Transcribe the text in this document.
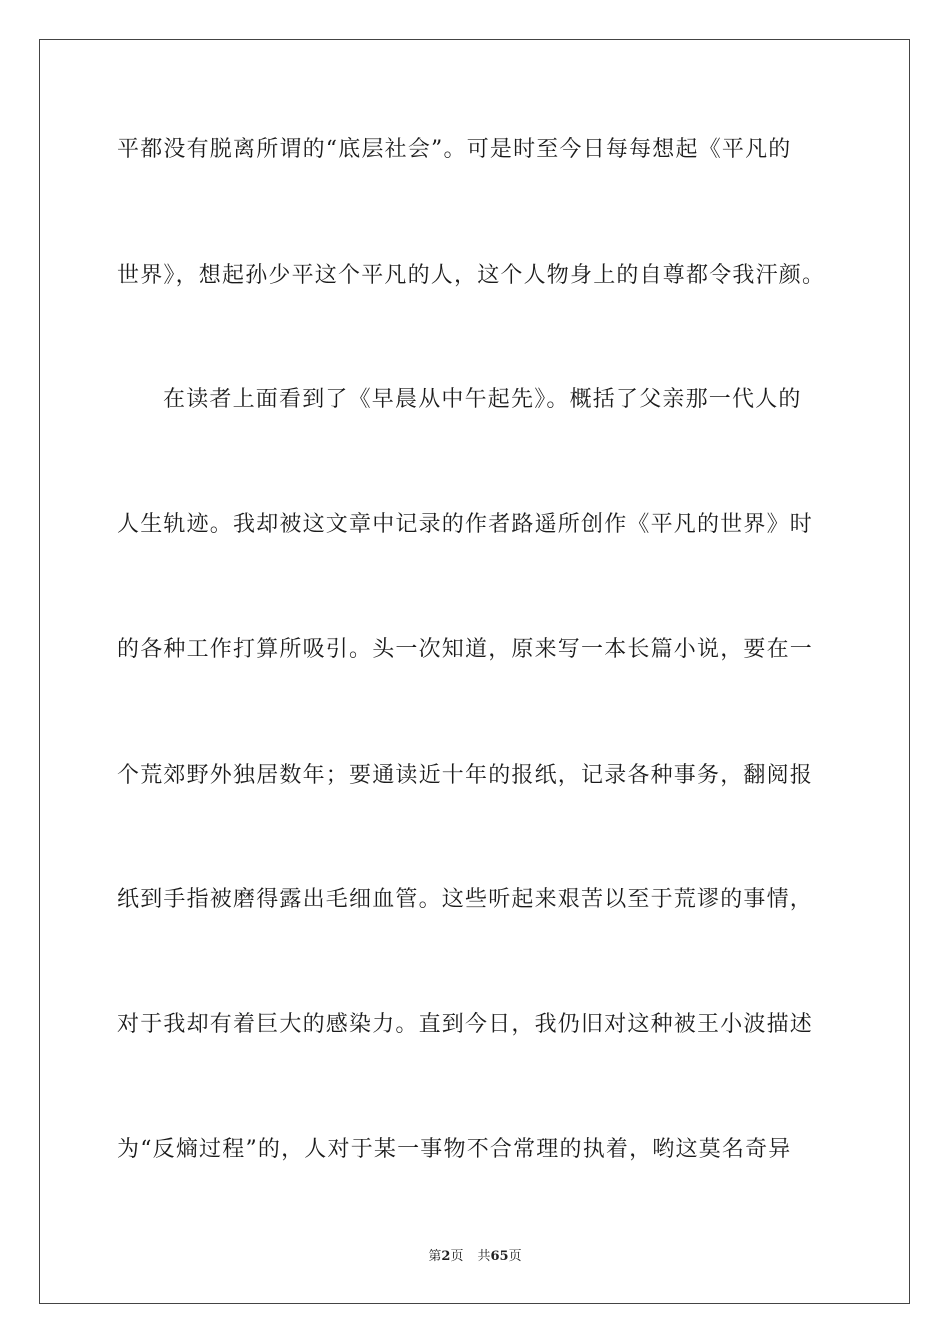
平都没有脱离所谓的“底层社会”。可是时至今日每每想起《平凡的
世界》，想起孙少平这个平凡的人，这个人物身上的自尊都令我汗颜。
在读者上面看到了《早晨从中午起先》。概括了父亲那一代人的
人生轨迹。我却被这文章中记录的作者路遥所创作《平凡的世界》时
的各种工作打算所吸引。头一次知道，原来写一本长篇小说，要在一
个荒郊野外独居数年；要通读近十年的报纸，记录各种事务，翻阅报
纸到手指被磨得露出毛细血管。这些听起来艰苦以至于荒谬的事情，
对于我却有着巨大的感染力。直到今日，我仍旧对这种被王小波描述
为“反熵过程”的，人对于某一事物不合常理的执着，哟这莫名奇异
第2页 共65页
